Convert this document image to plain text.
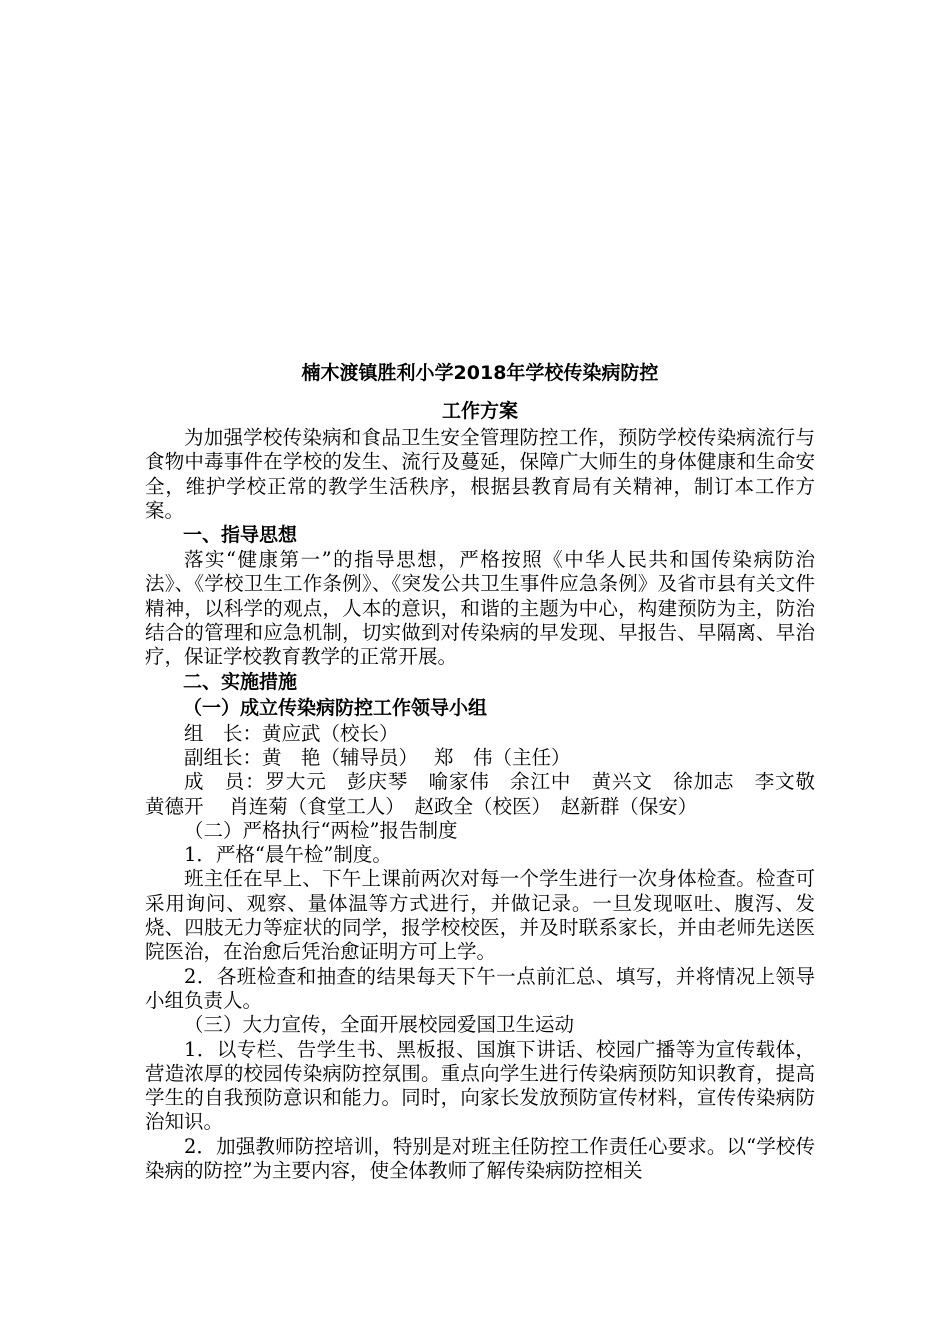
楠木渡镇胜利小学2018年学校传染病防控

工作方案

为加强学校传染病和食品卫生安全管理防控工作，预防学校传染病流行与食物中毒事件在学校的发生、流行及蔓延，保障广大师生的身体健康和生命安全，维护学校正常的教学生活秩序，根据县教育局有关精神，制订本工作方案。

一、指导思想

落实“健康第一”的指导思想，严格按照《中华人民共和国传染病防治法》、《学校卫生工作条例》、《突发公共卫生事件应急条例》及省市县有关文件精神，以科学的观点，人本的意识，和谐的主题为中心，构建预防为主，防治结合的管理和应急机制，切实做到对传染病的早发现、早报告、早隔离、早治疗，保证学校教育教学的正常开展。

二、实施措施

（一）成立传染病防控工作领导小组

组　长：黄应武（校长）

副组长：黄　艳（辅导员）　 郑　伟（主任）

成　员：罗大元　彭庆琴　喻家伟　余江中　黄兴文　徐加志　李文敬　黄德开　 肖连菊（食堂工人）　赵政全（校医）　赵新群（保安）

（二）严格执行“两检”报告制度

1．严格“晨午检”制度。

班主任在早上、下午上课前两次对每一个学生进行一次身体检查。检查可采用询问、观察、量体温等方式进行，并做记录。一旦发现呕吐、腹泻、发烧、四肢无力等症状的同学，报学校校医，并及时联系家长，并由老师先送医院医治，在治愈后凭治愈证明方可上学。

2．各班检查和抽查的结果每天下午一点前汇总、填写，并将情况上领导小组负责人。

（三）大力宣传，全面开展校园爱国卫生运动

1．以专栏、告学生书、黑板报、国旗下讲话、校园广播等为宣传载体，营造浓厚的校园传染病防控氛围。重点向学生进行传染病预防知识教育，提高学生的自我预防意识和能力。同时，向家长发放预防宣传材料，宣传传染病防治知识。

2．加强教师防控培训，特别是对班主任防控工作责任心要求。以“学校传染病的防控”为主要内容，使全体教师了解传染病防控相关
